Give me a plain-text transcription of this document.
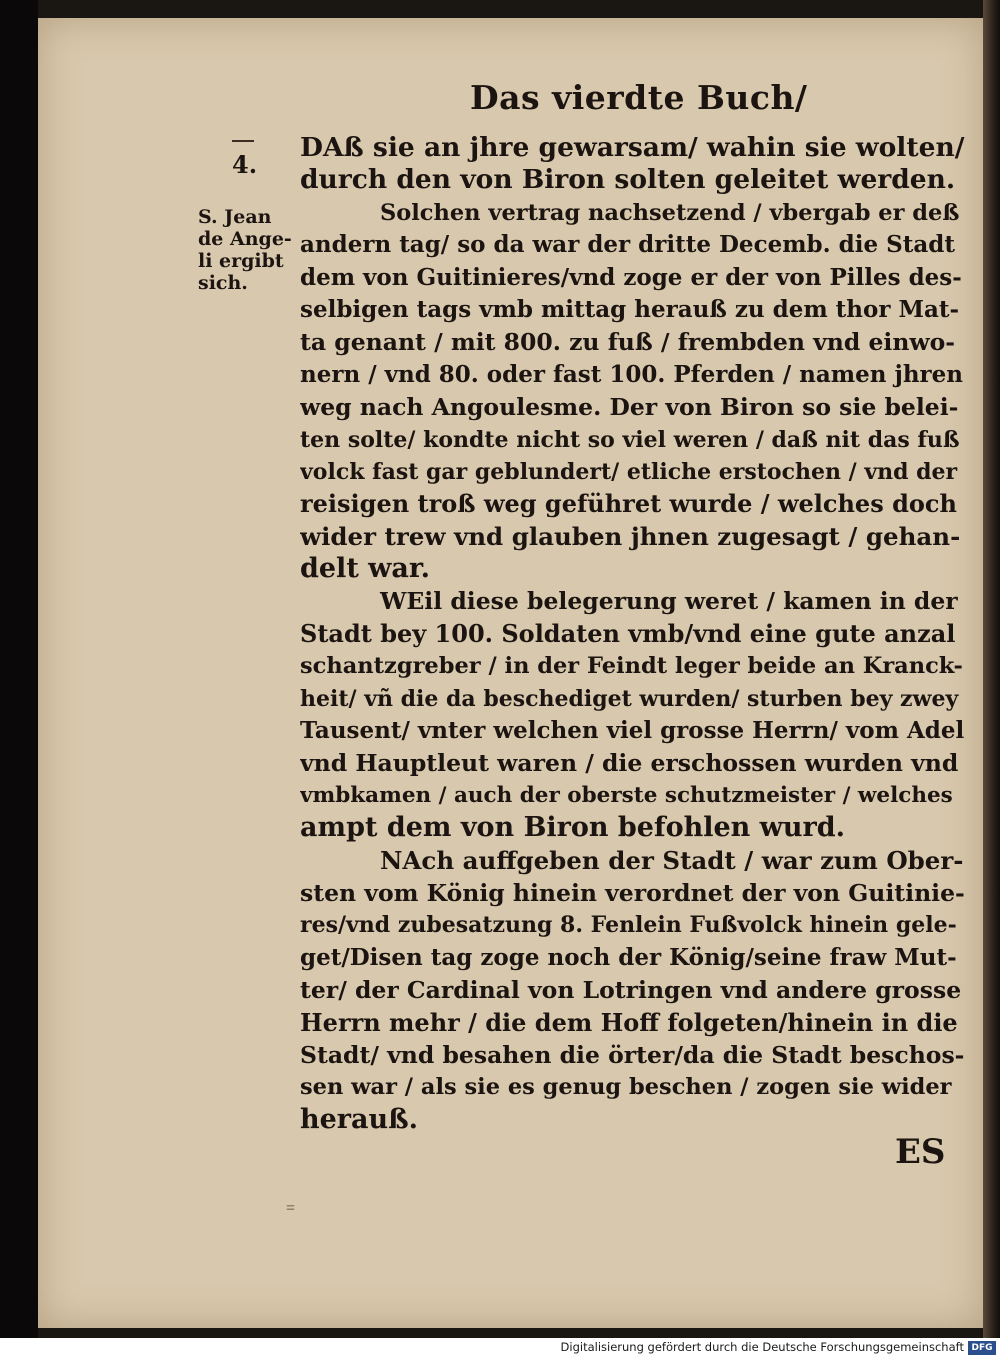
Das vierdte Buch/
4.
S. Jean
de Ange-
li ergibt
sich.
DAß sie an jhre gewarsam/ wahin sie wolten/
durch den von Biron solten geleitet werden.
Solchen vertrag nachsetzend / vbergab er deß
andern tag/ so da war der dritte Decemb. die Stadt
dem von Guitinieres/vnd zoge er der von Pilles des-
selbigen tags vmb mittag herauß zu dem thor Mat-
ta genant / mit 800. zu fuß / frembden vnd einwo-
nern / vnd 80. oder fast 100. Pferden / namen jhren
weg nach Angoulesme. Der von Biron so sie belei-
ten solte/ kondte nicht so viel weren / daß nit das fuß
volck fast gar geblundert/ etliche erstochen / vnd der
reisigen troß weg geführet wurde / welches doch
wider trew vnd glauben jhnen zugesagt / gehan-
delt war.
WEil diese belegerung weret / kamen in der
Stadt bey 100. Soldaten vmb/vnd eine gute anzal
schantzgreber / in der Feindt leger beide an Kranck-
heit/ vñ die da beschediget wurden/ sturben bey zwey
Tausent/ vnter welchen viel grosse Herrn/ vom Adel
vnd Hauptleut waren / die erschossen wurden vnd
vmbkamen / auch der oberste schutzmeister / welches
ampt dem von Biron befohlen wurd.
NAch auffgeben der Stadt / war zum Ober-
sten vom König hinein verordnet der von Guitinie-
res/vnd zubesatzung 8. Fenlein Fußvolck hinein gele-
get/Disen tag zoge noch der König/seine fraw Mut-
ter/ der Cardinal von Lotringen vnd andere grosse
Herrn mehr / die dem Hoff folgeten/hinein in die
Stadt/ vnd besahen die örter/da die Stadt beschos-
sen war / als sie es genug beschen / zogen sie wider
herauß.
ES
=
Digitalisierung gefördert durch die Deutsche Forschungsgemeinschaft DFG
